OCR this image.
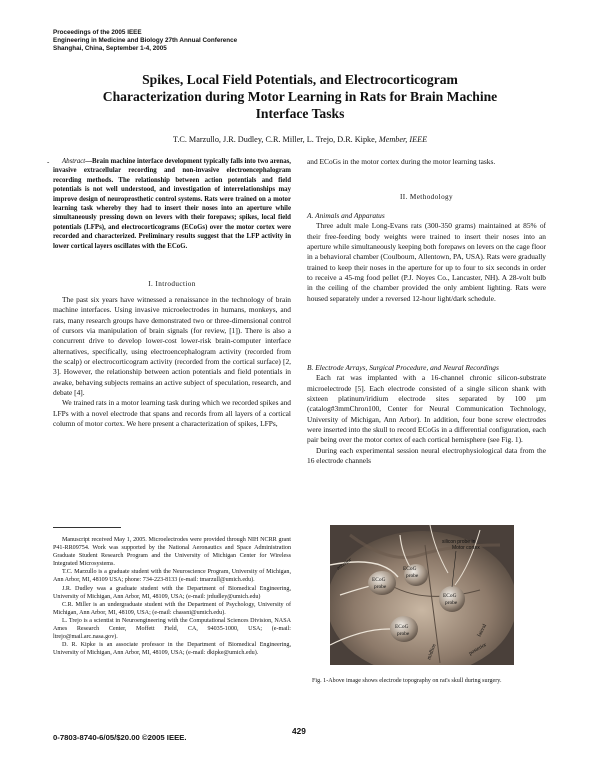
Proceedings of the 2005 IEEE
Engineering in Medicine and Biology 27th Annual Conference
Shanghai, China, September 1-4, 2005
Spikes, Local Field Potentials, and Electrocorticogram
Characterization during Motor Learning in Rats for Brain Machine
Interface Tasks
T.C. Marzullo, J.R. Dudley, C.R. Miller, L. Trejo, D.R. Kipke, Member, IEEE
-	Abstract—Brain machine interface development typically falls into two arenas, invasive extracellular recording and non-invasive electroencephalogram recording methods. The relationship between action potentials and field potentials is not well understood, and investigation of interrelationships may improve design of neuroprosthetic control systems. Rats were trained on a motor learning task whereby they had to insert their noses into an aperture while simultaneously pressing down on levers with their forepaws; spikes, local field potentials (LFPs), and electrocorticograms (ECoGs) over the motor cortex were recorded and characterized. Preliminary results suggest that the LFP activity in lower cortical layers oscillates with the ECoG.

I. Introduction

The past six years have witnessed a renaissance in the technology of brain machine interfaces. Using invasive microelectrodes in humans, monkeys, and rats, many research groups have demonstrated two or three-dimensional control of cursors via manipulation of brain signals (for review, [1]). There is also a concurrent drive to develop lower-cost lower-risk brain-computer interface alternatives, specifically, using electroencephalogram activity (recorded from the scalp) or electrocorticogram activity (recorded from the cortical surface) [2, 3]. However, the relationship between action potentials and field potentials in awake, behaving subjects remains an active subject of speculation, research, and debate [4].

We trained rats in a motor learning task during which we recorded spikes and LFPs with a novel electrode that spans and records from all layers of a cortical column of motor cortex. We here present a characterization of spikes, LFPs,

Manuscript received May 1, 2005. Microelectrodes were provided through NIH NCRR grant P41-RR09754. Work was supported by the National Aeronautics and Space Administration Graduate Student Research Program and the University of Michigan Center for Wireless Integrated Microsystems.

T.C. Marzullo is a graduate student with the Neuroscience Program, University of Michigan, Ann Arbor, MI, 48109 USA; phone: 734-223-8133 (e-mail: tmarzull@umich.edu).

J.R. Dudley was a graduate student with the Department of Biomedical Engineering, University of Michigan, Ann Arbor, MI, 48109, USA; (e-mail: jrdudley@umich.edu)

C.R. Miller is an undergraduate student with the Department of Psychology, University of Michigan, Ann Arbor, MI, 48109, USA; (e-mail: chassni@umich.edu).

L. Trejo is a scientist in Neuroengineering with the Computational Sciences Division, NASA Ames Research Center, Moffett Field, CA, 94035-1000, USA; (e-mail: ltrejo@mail.arc.nasa.gov).

D. R. Kipke is an associate professor in the Department of Biomedical Engineering, University of Michigan, Ann Arbor, MI, 48109, USA; (e-mail: dkipke@umich.edu).

and ECoGs in the motor cortex during the motor learning tasks.
II. Methodology

A. Animals and Apparatus

Three adult male Long-Evans rats (300-350 grams) maintained at 85% of their free-feeding body weights were trained to insert their noses into an aperture while simultaneously keeping both forepaws on levers on the cage floor in a behavioral chamber (Coulbourn, Allentown, PA, USA). Rats were gradually trained to keep their noses in the aperture for up to four to six seconds in order to receive a 45-mg food pellet (P.J. Noyes Co., Lancaster, NH). A 28-volt bulb in the ceiling of the chamber provided the only ambient lighting. Rats were housed separately under a reversed 12-hour light/dark schedule.

B. Electrode Arrays, Surgical Procedure, and Neural Recordings

Each rat was implanted with a 16-channel chronic silicon-substrate microelectrode [5]. Each electrode consisted of a single silicon shank with sixteen platinum/iridium electrode sites separated by 100 µm (catalog#3mmChron100, Center for Neural Communication Technology, University of Michigan, Ann Arbor). In addition, four bone screw electrodes were inserted into the skull to record ECoGs in a differential configuration, each pair being over the motor cortex of each cortical hemisphere (see Fig. 1).

During each experimental session neural electrophysiological data from the 16 electrode channels

anterior	ECoG
probe
ECoG
probe
silicon probe in
Motor cortex
ECoG
probe
ECoG
probe
midline
lateral
posterior
Fig. 1-Above image shows electrode topography on rat's skull during surgery.
0-7803-8740-6/05/$20.00 ©2005 IEEE.
429
